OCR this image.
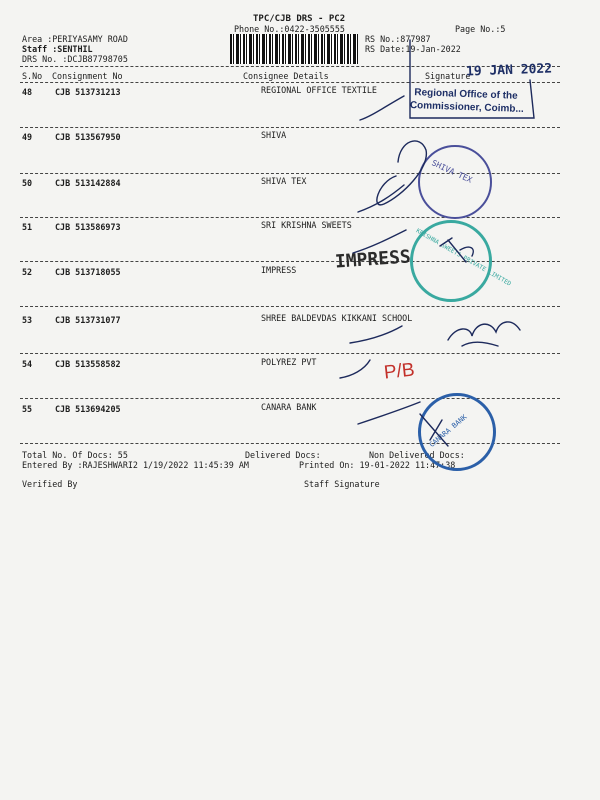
TPC/CJB DRS - PC2
Phone No.:0422-3505555	Page No.:5
Area :PERIYASAMY ROAD
Staff :SENTHIL
DRS No. :DCJB87798705
RS No.:877987
RS Date:19-Jan-2022
S.No Consignment No	Consignee Details	Signature
48	CJB 513731213	REGIONAL OFFICE TEXTILE
49	CJB 513567950	SHIVA
50	CJB 513142884	SHIVA TEX
51	CJB 513586973	SRI KRISHNA SWEETS
52	CJB 513718055	IMPRESS
53	CJB 513731077	SHREE BALDEVDAS KIKKANI SCHOOL
54	CJB 513558582	POLYREZ PVT
55	CJB 513694205	CANARA BANK
Total No. Of Docs: 55	Delivered Docs:	Non Delivered Docs:
Entered By :RAJESHWARI2 1/19/2022 11:45:39 AM	Printed On: 19-01-2022 11:47:38
Verified By	Staff Signature
19 JAN 2022
Regional Office of the
Commissioner, Coimb...
SHIVA TEX
KRISHNA SWEETS PRIVATE LIMITED
IMPRESS
CANARA BANK
P/B
